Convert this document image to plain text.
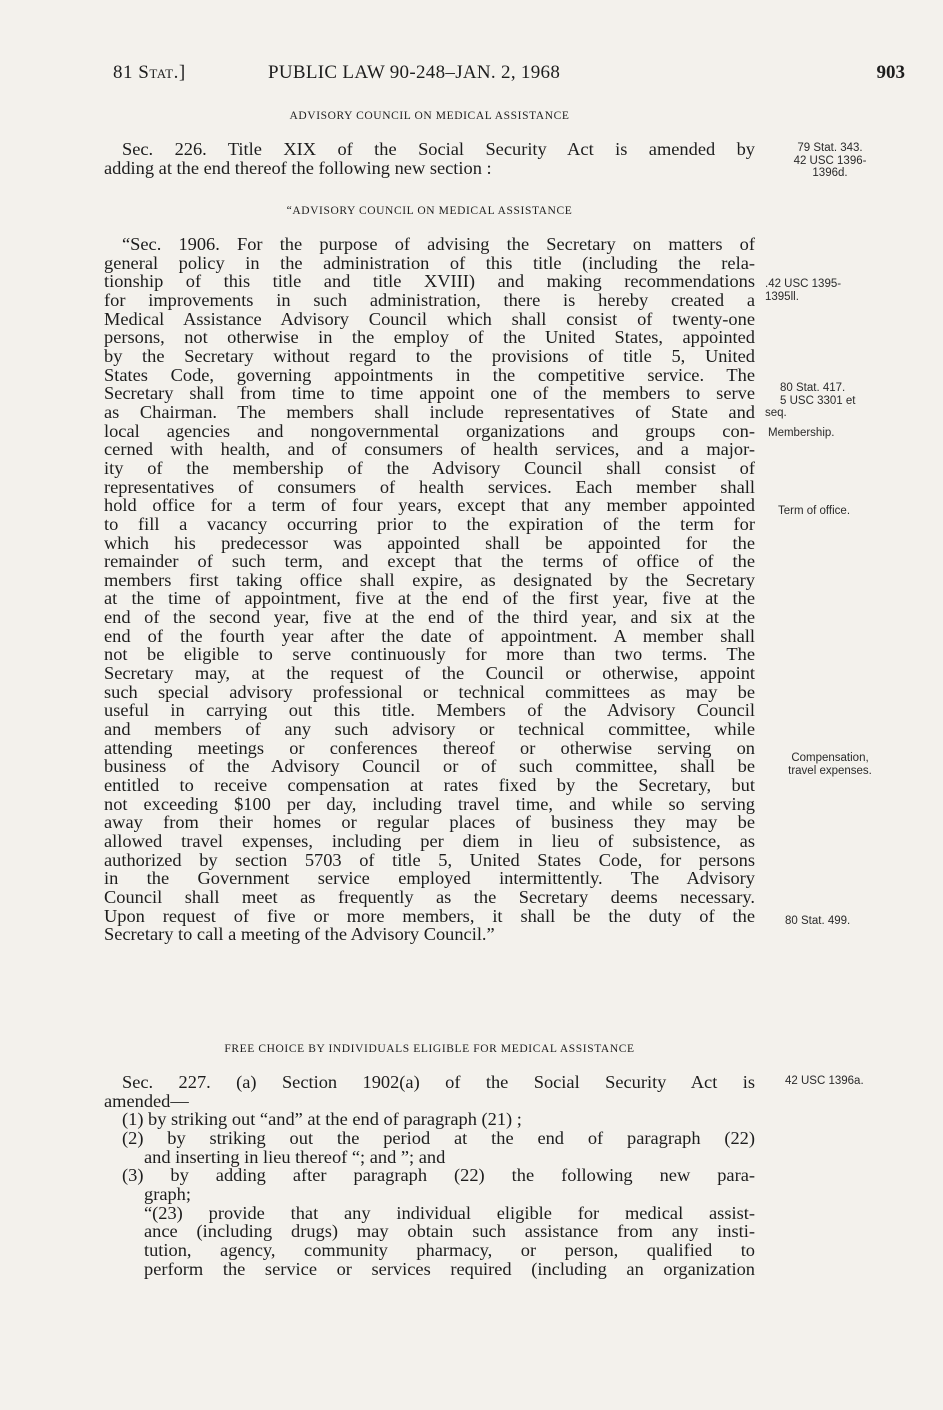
81 Stat.]	PUBLIC LAW 90-248–JAN. 2, 1968	903
ADVISORY COUNCIL ON MEDICAL ASSISTANCE
Sec. 226. Title XIX of the Social Security Act is amended by
adding at the end thereof the following new section :
“ADVISORY COUNCIL ON MEDICAL ASSISTANCE
“Sec. 1906. For the purpose of advising the Secretary on matters of
general policy in the administration of this title (including the rela-
tionship of this title and title XVIII) and making recommendations
for improvements in such administration, there is hereby created a
Medical Assistance Advisory Council which shall consist of twenty-one
persons, not otherwise in the employ of the United States, appointed
by the Secretary without regard to the provisions of title 5, United
States Code, governing appointments in the competitive service. The
Secretary shall from time to time appoint one of the members to serve
as Chairman. The members shall include representatives of State and
local agencies and nongovernmental organizations and groups con-
cerned with health, and of consumers of health services, and a major-
ity of the membership of the Advisory Council shall consist of
representatives of consumers of health services. Each member shall
hold office for a term of four years, except that any member appointed
to fill a vacancy occurring prior to the expiration of the term for
which his predecessor was appointed shall be appointed for the
remainder of such term, and except that the terms of office of the
members first taking office shall expire, as designated by the Secretary
at the time of appointment, five at the end of the first year, five at the
end of the second year, five at the end of the third year, and six at the
end of the fourth year after the date of appointment. A member shall
not be eligible to serve continuously for more than two terms. The
Secretary may, at the request of the Council or otherwise, appoint
such special advisory professional or technical committees as may be
useful in carrying out this title. Members of the Advisory Council
and members of any such advisory or technical committee, while
attending meetings or conferences thereof or otherwise serving on
business of the Advisory Council or of such committee, shall be
entitled to receive compensation at rates fixed by the Secretary, but
not exceeding $100 per day, including travel time, and while so serving
away from their homes or regular places of business they may be
allowed travel expenses, including per diem in lieu of subsistence, as
authorized by section 5703 of title 5, United States Code, for persons
in the Government service employed intermittently. The Advisory
Council shall meet as frequently as the Secretary deems necessary.
Upon request of five or more members, it shall be the duty of the
Secretary to call a meeting of the Advisory Council.”
FREE CHOICE BY INDIVIDUALS ELIGIBLE FOR MEDICAL ASSISTANCE
Sec. 227. (a) Section 1902(a) of the Social Security Act is
amended—
(1) by striking out “and” at the end of paragraph (21) ;
(2) by striking out the period at the end of paragraph (22)
and inserting in lieu thereof “; and ”; and
(3) by adding after paragraph (22) the following new para-
graph;
“(23) provide that any individual eligible for medical assist-
ance (including drugs) may obtain such assistance from any insti-
tution, agency, community pharmacy, or person, qualified to
perform the service or services required (including an organization
79 Stat. 343.
42 USC 1396-
1396d.
.42 USC 1395-
1395ll.
80 Stat. 417.
5 USC 3301 et
seq.
Membership.
Term of office.
Compensation,
travel expenses.
80 Stat. 499.
42 USC 1396a.
